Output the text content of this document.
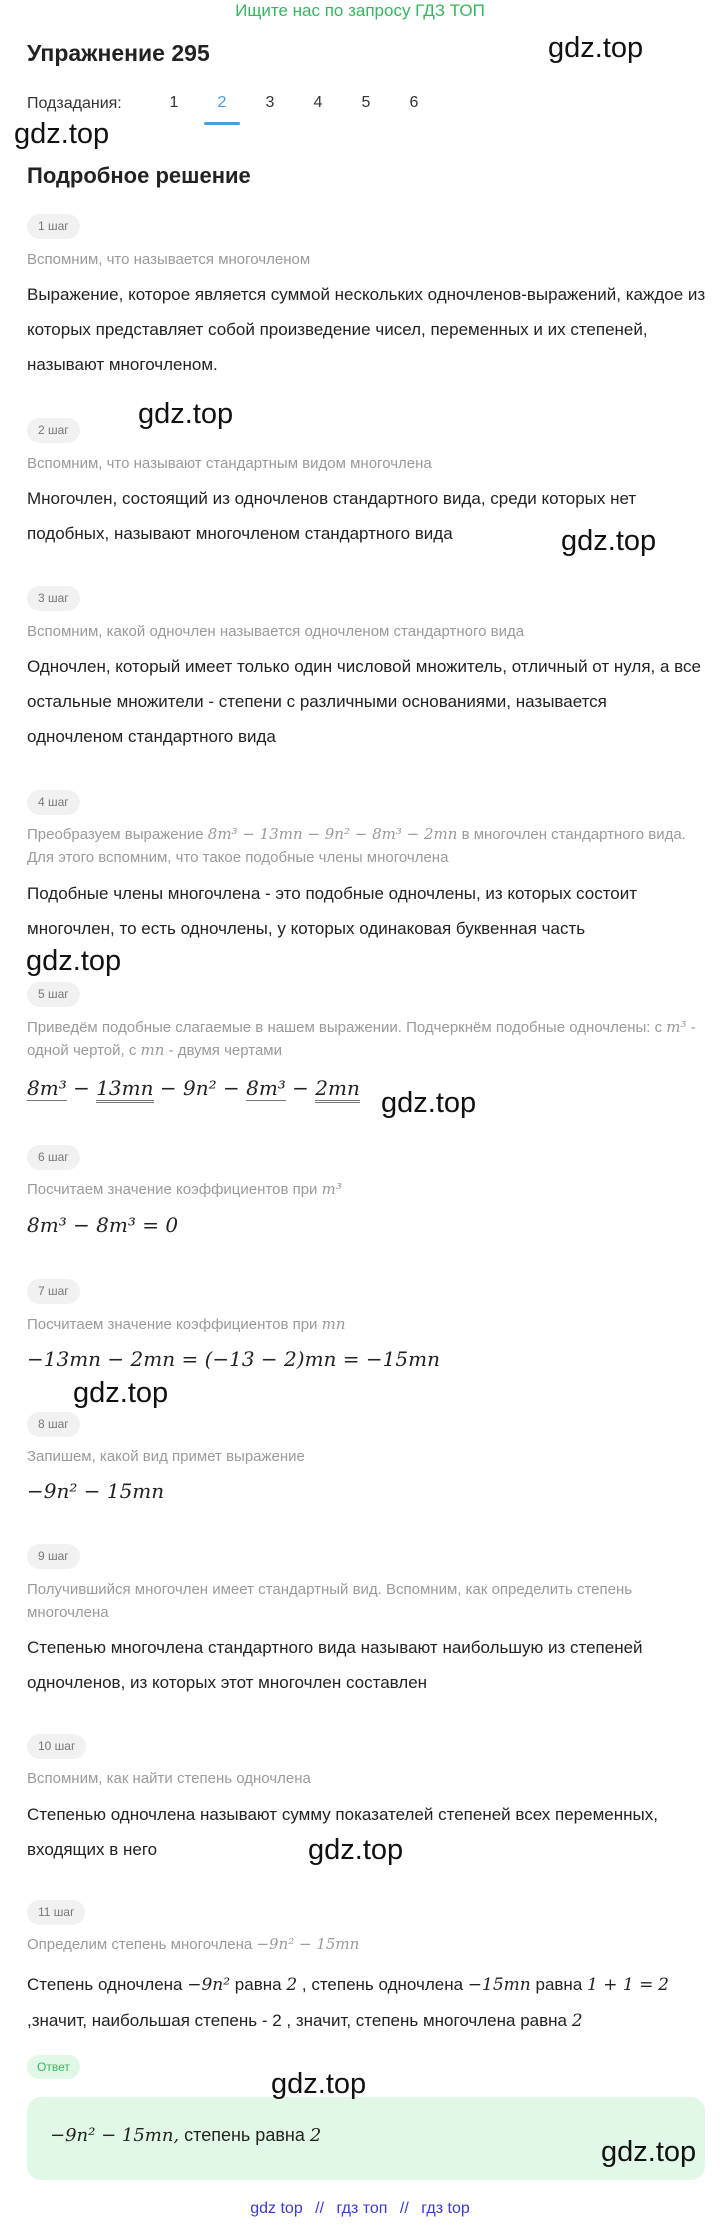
Ищите нас по запросу ГДЗ ТОП
Упражнение 295
Подзадания:	1	2	3	4	5	6
Подробное решение
1 шаг
Вспомним, что называется многочленом
Выражение, которое является суммой нескольких одночленов-выражений, каждое из которых представляет собой произведение чисел, переменных и их степеней, называют многочленом.
2 шаг
Вспомним, что называют стандартным видом многочлена
Многочлен, состоящий из одночленов стандартного вида, среди которых нет подобных, называют многочленом стандартного вида
3 шаг
Вспомним, какой одночлен называется одночленом стандартного вида
Одночлен, который имеет только один числовой множитель, отличный от нуля, а все остальные множители - степени с различными основаниями, называется одночленом стандартного вида
4 шаг
Преобразуем выражение 8m³ − 13mn − 9n² − 8m³ − 2mn в многочлен стандартного вида. Для этого вспомним, что такое подобные члены многочлена
Подобные члены многочлена - это подобные одночлены, из которых состоит многочлен, то есть одночлены, у которых одинаковая буквенная часть
5 шаг
Приведём подобные слагаемые в нашем выражении. Подчеркнём подобные одночлены: с m³ - одной чертой, с mn - двумя чертами
8m³ − 13mn − 9n² − 8m³ − 2mn
6 шаг
Посчитаем значение коэффициентов при m³
8m³ − 8m³ = 0
7 шаг
Посчитаем значение коэффициентов при mn
−13mn − 2mn = (−13 − 2)mn = −15mn
8 шаг
Запишем, какой вид примет выражение
−9n² − 15mn
9 шаг
Получившийся многочлен имеет стандартный вид. Вспомним, как определить степень многочлена
Степенью многочлена стандартного вида называют наибольшую из степеней одночленов, из которых этот многочлен составлен
10 шаг
Вспомним, как найти степень одночлена
Степенью одночлена называют сумму показателей степеней всех переменных, входящих в него
11 шаг
Определим степень многочлена −9n² − 15mn
Степень одночлена −9n² равна 2 , степень одночлена −15mn равна 1 + 1 = 2 ,значит, наибольшая степень - 2 , значит, степень многочлена равна 2
Ответ
−9n² − 15mn, степень равна 2
gdz.top
gdz.top
gdz.top
gdz.top
gdz.top
gdz.top
gdz.top
gdz.top
gdz.top
gdz.top
gdz top // гдз топ // гдз top
